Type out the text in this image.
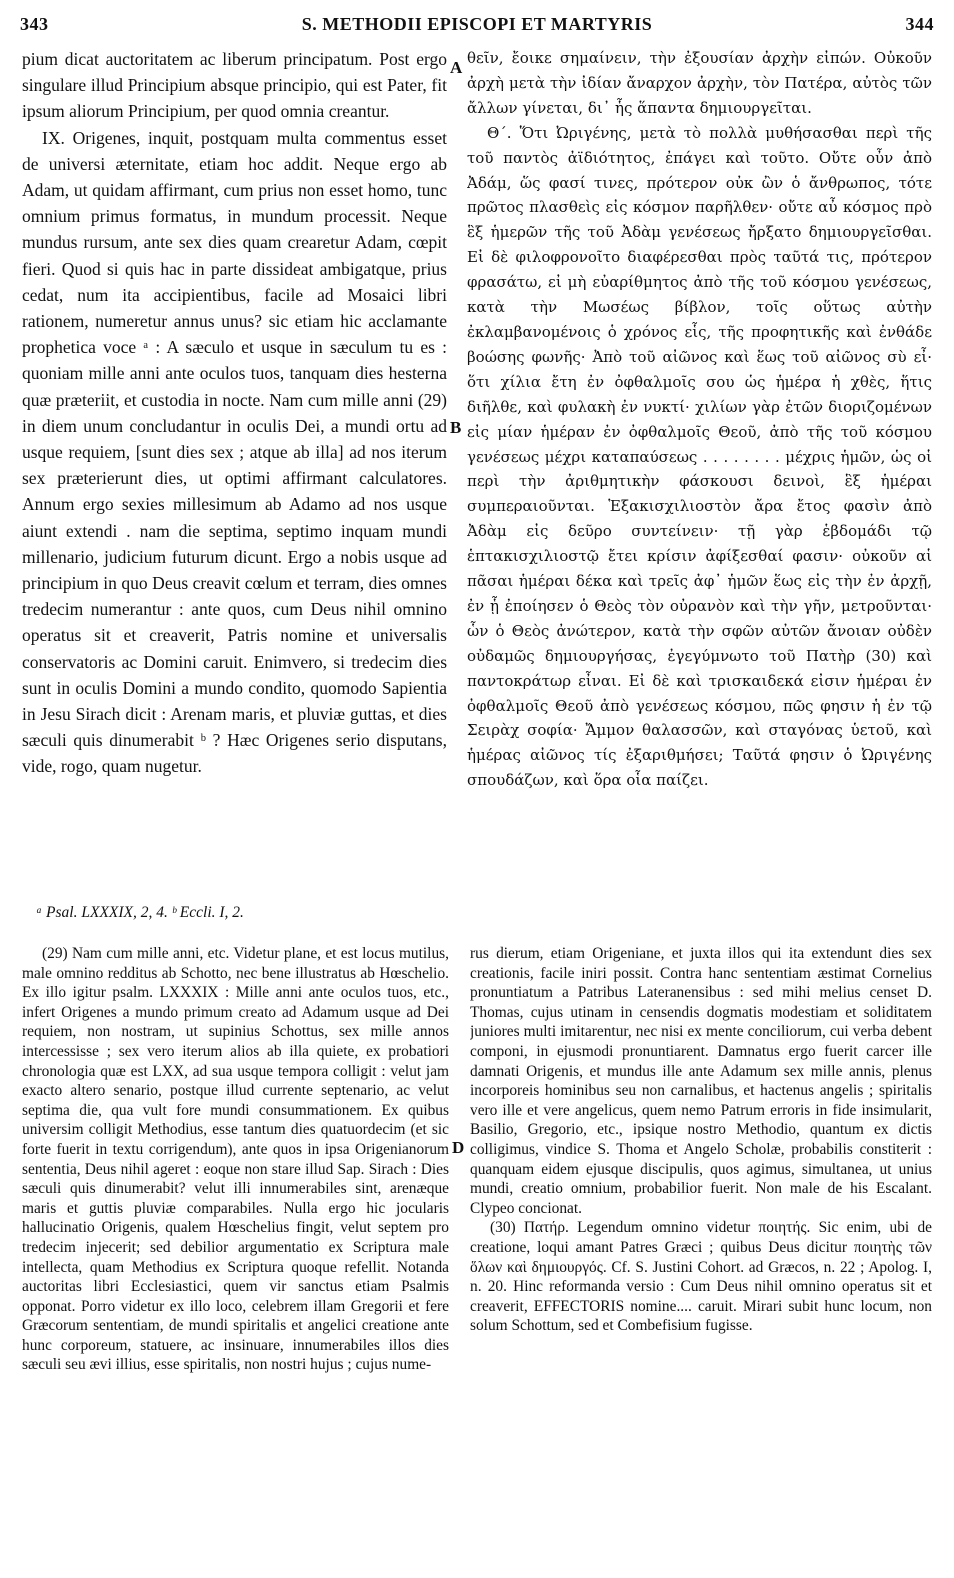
343	S. METHODII EPISCOPI ET MARTYRIS	344
A
B
D

pium dicat auctoritatem ac liberum principatum. Post ergo singulare illud Principium absque principio, qui est Pater, fit ipsum aliorum Principium, per quod omnia creantur.

IX. Origenes, inquit, postquam multa commentus esset de universi æternitate, etiam hoc addit. Neque ergo ab Adam, ut quidam affirmant, cum prius non esset homo, tunc omnium primus formatus, in mundum processit. Neque mundus rursum, ante sex dies quam crearetur Adam, cœpit fieri. Quod si quis hac in parte dissideat ambigatque, prius cedat, num ita accipientibus, facile ad Mosaici libri rationem, numeretur annus unus? sic etiam hic acclamante prophetica voce ᵃ : A sæculo et usque in sæculum tu es : quoniam mille anni ante oculos tuos, tanquam dies hesterna quæ præteriit, et custodia in nocte. Nam cum mille anni (29) in diem unum concludantur in oculis Dei, a mundi ortu ad usque requiem, [sunt dies sex ; atque ab illa] ad nos iterum sex præterierunt dies, ut optimi affirmant calculatores. Annum ergo sexies millesimum ab Adamo ad nos usque aiunt extendi . nam die septima, septimo inquam mundi millenario, judicium futurum dicunt. Ergo a nobis usque ad principium in quo Deus creavit cœlum et terram, dies omnes tredecim numerantur : ante quos, cum Deus nihil omnino operatus sit et creaverit, Patris nomine et universalis conservatoris ac Domini caruit. Enimvero, si tredecim dies sunt in oculis Domini a mundo condito, quomodo Sapientia in Jesu Sirach dicit : Arenam maris, et pluviæ guttas, et dies sæculi quis dinumerabit ᵇ ? Hæc Origenes serio disputans, vide, rogo, quam nugetur.

θεῖν, ἔοικε σημαίνειν, τὴν ἐξουσίαν ἀρχὴν εἰπών. Οὐκοῦν ἀρχὴ μετὰ τὴν ἰδίαν ἄναρχον ἀρχὴν, τὸν Πατέρα, αὐτὸς τῶν ἄλλων γίνεται, δι᾽ ἧς ἅπαντα δημιουργεῖται.

Θ΄. Ὅτι Ὠριγένης, μετὰ τὸ πολλὰ μυθήσασθαι περὶ τῆς τοῦ παντὸς ἀϊδιότητος, ἐπάγει καὶ τοῦτο. Οὔτε οὖν ἀπὸ Ἀδάμ, ὥς φασί τινες, πρότερον οὐκ ὢν ὁ ἄνθρωπος, τότε πρῶτος πλασθεὶς εἰς κόσμον παρῆλθεν· οὔτε αὖ κόσμος πρὸ ἓξ ἡμερῶν τῆς τοῦ Ἀδὰμ γενέσεως ἤρξατο δημιουργεῖσθαι. Εἰ δὲ φιλοφρονοῖτο διαφέρεσθαι πρὸς ταῦτά τις, πρότερον φρασάτω, εἰ μὴ εὐαρίθμητος ἀπὸ τῆς τοῦ κόσμου γενέσεως, κατὰ τὴν Μωσέως βίβλον, τοῖς οὕτως αὐτὴν ἐκλαμβανομένοις ὁ χρόνος εἷς, τῆς προφητικῆς καὶ ἐνθάδε βοώσης φωνῆς· Ἀπὸ τοῦ αἰῶνος καὶ ἕως τοῦ αἰῶνος σὺ εἶ· ὅτι χίλια ἔτη ἐν ὀφθαλμοῖς σου ὡς ἡμέρα ἡ χθὲς, ἥτις διῆλθε, καὶ φυλακὴ ἐν νυκτί· χιλίων γὰρ ἐτῶν διοριζομένων εἰς μίαν ἡμέραν ἐν ὀφθαλμοῖς Θεοῦ, ἀπὸ τῆς τοῦ κόσμου γενέσεως μέχρι καταπαύσεως . . . . . . . . μέχρις ἡμῶν, ὡς οἱ περὶ τὴν ἀριθμητικὴν φάσκουσι δεινοὶ, ἓξ ἡμέραι συμπεραιοῦνται. Ἑξακισχιλιοστὸν ἄρα ἔτος φασὶν ἀπὸ Ἀδὰμ εἰς δεῦρο συντείνειν· τῇ γὰρ ἑβδομάδι τῷ ἑπτακισχιλιοστῷ ἔτει κρίσιν ἀφίξεσθαί φασιν· οὐκοῦν αἱ πᾶσαι ἡμέραι δέκα καὶ τρεῖς ἀφ᾽ ἡμῶν ἕως εἰς τὴν ἐν ἀρχῇ, ἐν ᾗ ἐποίησεν ὁ Θεὸς τὸν οὐρανὸν καὶ τὴν γῆν, μετροῦνται· ὧν ὁ Θεὸς ἀνώτερον, κατὰ τὴν σφῶν αὐτῶν ἄνοιαν οὐδὲν οὐδαμῶς δημιουργήσας, ἐγεγύμνωτο τοῦ Πατὴρ (30) καὶ παντοκράτωρ εἶναι. Εἰ δὲ καὶ τρισκαιδεκά εἰσιν ἡμέραι ἐν ὀφθαλμοῖς Θεοῦ ἀπὸ γενέσεως κόσμου, πῶς φησιν ἡ ἐν τῷ Σειρὰχ σοφία· Ἄμμον θαλασσῶν, καὶ σταγόνας ὑετοῦ, καὶ ἡμέρας αἰῶνος τίς ἐξαριθμήσει; Ταῦτά φησιν ὁ Ὠριγένης σπουδάζων, καὶ ὅρα οἷα παίζει.

ᵃ Psal. LXXXIX, 2, 4. ᵇ Eccli. I, 2.

(29) Nam cum mille anni, etc. Videtur plane, et est locus mutilus, male omnino redditus ab Schotto, nec bene illustratus ab Hœschelio. Ex illo igitur psalm. LXXXIX : Mille anni ante oculos tuos, etc., infert Origenes a mundo primum creato ad Adamum usque ad Dei requiem, non nostram, ut supinius Schottus, sex mille annos intercessisse ; sex vero iterum alios ab illa quiete, ex probatiori chronologia quæ est LXX, ad sua usque tempora colligit : velut jam exacto altero senario, postque illud currente septenario, ac velut septima die, qua vult fore mundi consummationem. Ex quibus universim colligit Methodius, esse tantum dies quatuordecim (et sic forte fuerit in textu corrigendum), ante quos in ipsa Origenianorum sententia, Deus nihil ageret : eoque non stare illud Sap. Sirach : Dies sæculi quis dinumerabit? velut illi innumerabiles sint, arenæque maris et guttis pluviæ comparabiles. Nulla ergo hic jocularis hallucinatio Origenis, qualem Hœschelius fingit, velut septem pro tredecim injecerit; sed debilior argumentatio ex Scriptura male intellecta, quam Methodius ex Scriptura quoque refellit. Notanda auctoritas libri Ecclesiastici, quem vir sanctus etiam Psalmis opponat. Porro videtur ex illo loco, celebrem illam Gregorii et fere Græcorum sententiam, de mundi spiritalis et angelici creatione ante hunc corporeum, statuere, ac insinuare, innumerabiles illos dies sæculi seu ævi illius, esse spiritalis, non nostri hujus ; cujus nume-

rus dierum, etiam Origeniane, et juxta illos qui ita extendunt dies sex creationis, facile iniri possit. Contra hanc sententiam æstimat Cornelius pronuntiatum a Patribus Lateranensibus : sed mihi melius censet D. Thomas, cujus utinam in censendis dogmatis modestiam et soliditatem juniores multi imitarentur, nec nisi ex mente conciliorum, cui verba debent componi, in ejusmodi pronuntiarent. Damnatus ergo fuerit carcer ille damnati Origenis, et mundus ille ante Adamum sex mille annis, plenus incorporeis hominibus seu non carnalibus, et hactenus angelis ; spiritalis vero ille et vere angelicus, quem nemo Patrum erroris in fide insimularit, Basilio, Gregorio, etc., ipsique nostro Methodio, quantum ex dictis colligimus, vindice S. Thoma et Angelo Scholæ, probabilis constiterit : quanquam eidem ejusque discipulis, quos agimus, simultanea, ut unius mundi, creatio omnium, probabilior fuerit. Non male de his Escalant. Clypeo concionat.

(30) Πατήρ. Legendum omnino videtur ποιητής. Sic enim, ubi de creatione, loqui amant Patres Græci ; quibus Deus dicitur ποιητὴς τῶν ὅλων καὶ δημιουργός. Cf. S. Justini Cohort. ad Græcos, n. 22 ; Apolog. I, n. 20. Hinc reformanda versio : Cum Deus nihil omnino operatus sit et creaverit, EFFECTORIS nomine.... caruit. Mirari subit hunc locum, non solum Schottum, sed et Combefisium fugisse.
